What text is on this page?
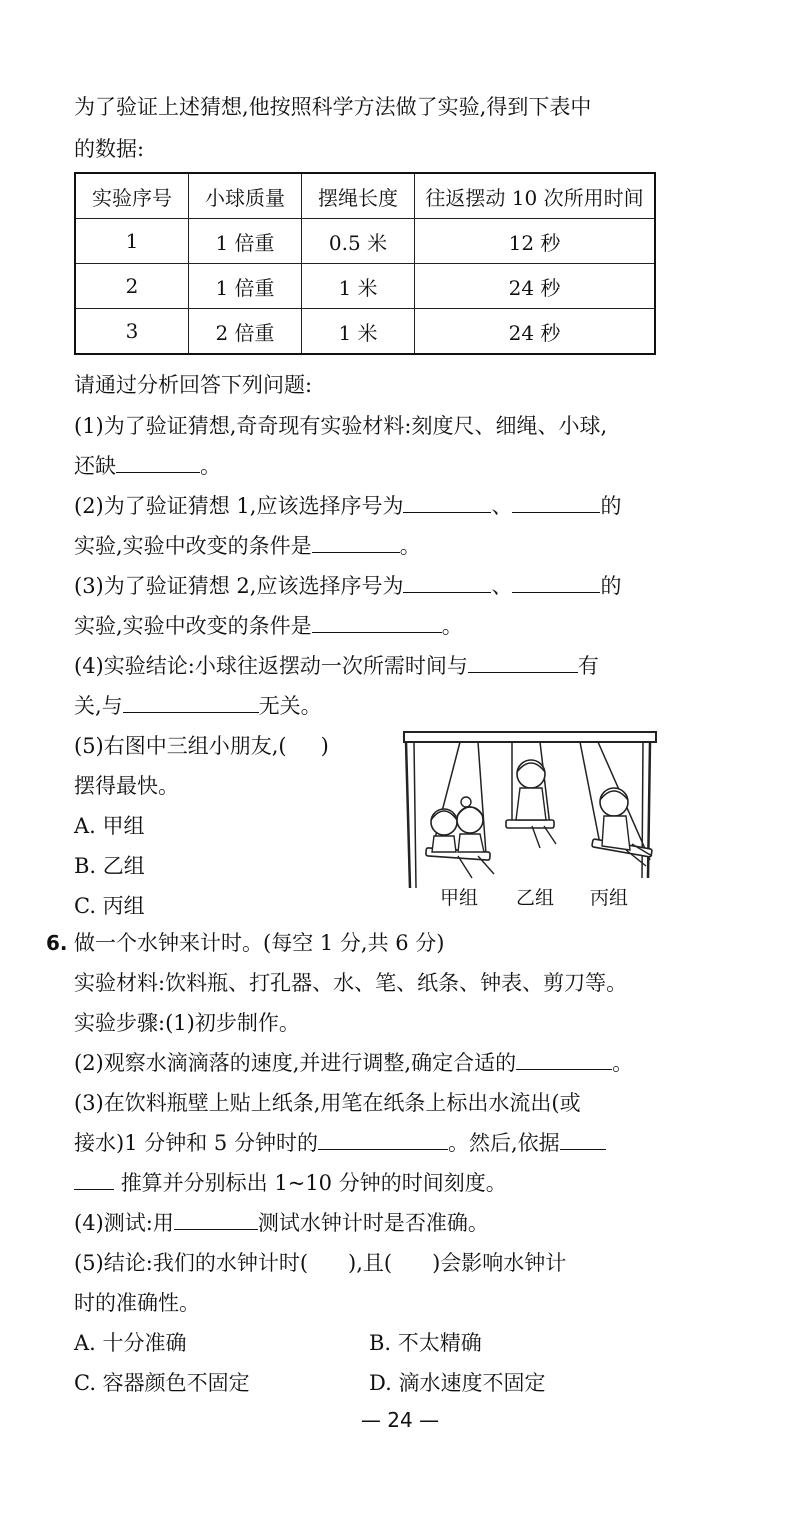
为了验证上述猜想,他按照科学方法做了实验,得到下表中
的数据:
实验序号	小球质量	摆绳长度	往返摆动 10 次所用时间
1	1 倍重	0.5 米	12 秒
2	1 倍重	1 米	24 秒
3	2 倍重	1 米	24 秒
请通过分析回答下列问题:
(1)为了验证猜想,奇奇现有实验材料:刻度尺、细绳、小球,
还缺	。
(2)为了验证猜想 1,应该选择序号为	、	的
实验,实验中改变的条件是	。
(3)为了验证猜想 2,应该选择序号为	、	的
实验,实验中改变的条件是	。
(4)实验结论:小球往返摆动一次所需时间与	有
关,与	无关。
(5)右图中三组小朋友,( )
摆得最快。
A. 甲组
B. 乙组
C. 丙组	甲组 乙组 丙组
6. 做一个水钟来计时。(每空 1 分,共 6 分)
实验材料:饮料瓶、打孔器、水、笔、纸条、钟表、剪刀等。
实验步骤:(1)初步制作。
(2)观察水滴滴落的速度,并进行调整,确定合适的	。
(3)在饮料瓶壁上贴上纸条,用笔在纸条上标出水流出(或
接水)1 分钟和 5 分钟时的	。然后,依据
推算并分别标出 1~10 分钟的时间刻度。
(4)测试:用	测试水钟计时是否准确。
(5)结论:我们的水钟计时( ),且( )会影响水钟计
时的准确性。
A. 十分准确	B. 不太精确
C. 容器颜色不固定	D. 滴水速度不固定
— 24 —
